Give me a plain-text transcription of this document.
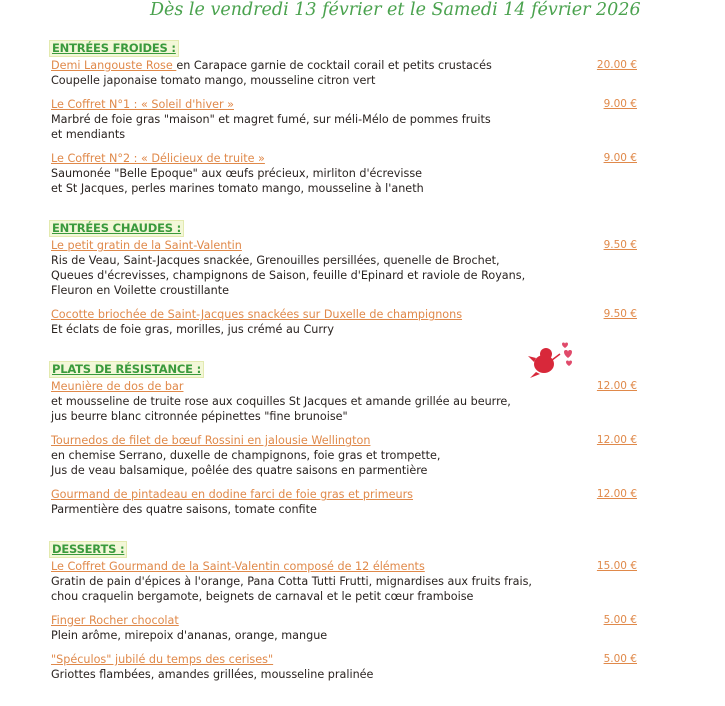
Dès le vendredi 13 février et le Samedi 14 février 2026
ENTRÉES FROIDES :
Demi Langouste Rose en Carapace garnie de cocktail corail et petits crustacés	20.00 €
Coupelle japonaise tomato mango, mousseline citron vert
Le Coffret N°1 : « Soleil d'hiver »	9.00 €
Marbré de foie gras "maison" et magret fumé, sur méli-Mélo de pommes fruits
et mendiants
Le Coffret N°2 : « Délicieux de truite »	9.00 €
Saumonée "Belle Epoque" aux œufs précieux, mirliton d'écrevisse
et St Jacques, perles marines tomato mango, mousseline à l'aneth
ENTRÉES CHAUDES :
Le petit gratin de la Saint-Valentin	9.50 €
Ris de Veau, Saint-Jacques snackée, Grenouilles persillées, quenelle de Brochet,
Queues d'écrevisses, champignons de Saison, feuille d'Epinard et raviole de Royans,
Fleuron en Voilette croustillante
Cocotte briochée de Saint-Jacques snackées sur Duxelle de champignons	9.50 €
Et éclats de foie gras, morilles, jus crémé au Curry
PLATS DE RÉSISTANCE :
Meunière de dos de bar	12.00 €
et mousseline de truite rose aux coquilles St Jacques et amande grillée au beurre,
jus beurre blanc citronnée pépinettes "fine brunoise"
Tournedos de filet de bœuf Rossini en jalousie Wellington	12.00 €
en chemise Serrano, duxelle de champignons, foie gras et trompette,
Jus de veau balsamique, poêlée des quatre saisons en parmentière
Gourmand de pintadeau en dodine farci de foie gras et primeurs	12.00 €
Parmentière des quatre saisons, tomate confite
DESSERTS :
Le Coffret Gourmand de la Saint-Valentin composé de 12 éléments	15.00 €
Gratin de pain d'épices à l'orange, Pana Cotta Tutti Frutti, mignardises aux fruits frais,
chou craquelin bergamote, beignets de carnaval et le petit cœur framboise
Finger Rocher chocolat	5.00 €
Plein arôme, mirepoix d'ananas, orange, mangue
"Spéculos" jubilé du temps des cerises"	5.00 €
Griottes flambées, amandes grillées, mousseline pralinée
